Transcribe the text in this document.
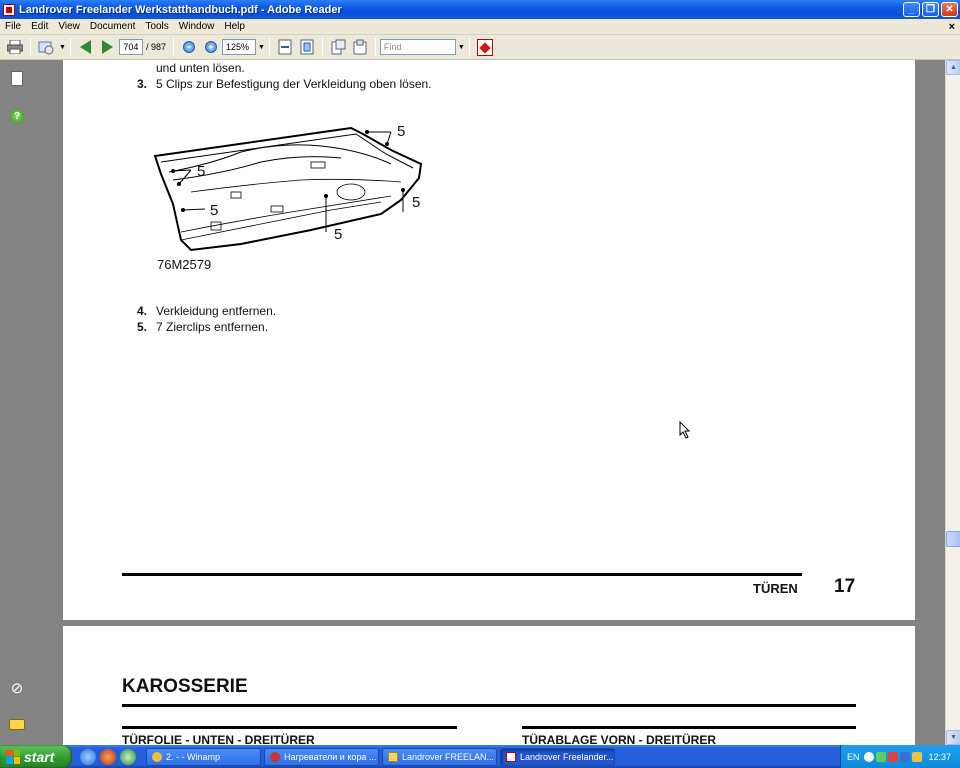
Landrover Freelander Werkstatthandbuch.pdf - Adobe Reader	_	❐	✕
File	Edit	View	Document	Tools	Window	Help	×
▼	704 / 987	−	+	125%	▼	Find	▼
?
⊘
und unten lösen.
3. 5 Clips zur Befestigung der Verkleidung oben lösen.
5
5
5	5
5
76M2579
4. Verkleidung entfernen.
5. 7 Zierclips entfernen.
TÜREN 17
KAROSSERIE
TÜRFOLIE - UNTEN - DREITÜRER	TÜRABLAGE VORN - DREITÜRER
▲
▼
start	2. - - Winamp	Нагреватели и кора ...	Landrover FREELAN...	Landrover Freelander...	EN	12:37
